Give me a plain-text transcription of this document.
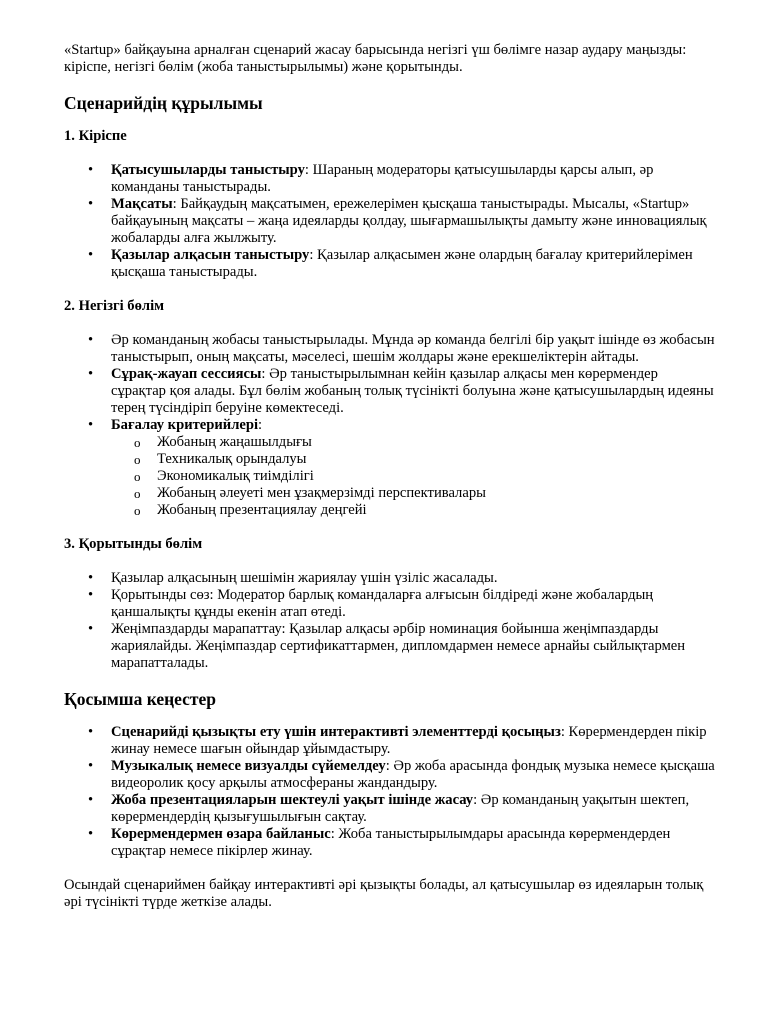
«Startup» байқауына арналған сценарий жасау барысында негізгі үш бөлімге назар аудару маңызды: кіріспе, негізгі бөлім (жоба таныстырылымы) және қорытынды.

Сценарийдің құрылымы
1. Кіріспе
• Қатысушыларды таныстыру: Шараның модераторы қатысушыларды қарсы алып, әр команданы таныстырады.
• Мақсаты: Байқаудың мақсатымен, ережелерімен қысқаша таныстырады. Мысалы, «Startup» байқауының мақсаты – жаңа идеяларды қолдау, шығармашылықты дамыту және инновациялық жобаларды алға жылжыту.
• Қазылар алқасын таныстыру: Қазылар алқасымен және олардың бағалау критерийлерімен қысқаша таныстырады.
2. Негізгі бөлім
• Әр команданың жобасы таныстырылады. Мұнда әр команда белгілі бір уақыт ішінде өз жобасын таныстырып, оның мақсаты, мәселесі, шешім жолдары және ерекшеліктерін айтады.
• Сұрақ-жауап сессиясы: Әр таныстырылымнан кейін қазылар алқасы мен көрермендер сұрақтар қоя алады. Бұл бөлім жобаның толық түсінікті болуына және қатысушылардың идеяны терең түсіндіріп беруіне көмектеседі.
• Бағалау критерийлері:
o Жобаның жаңашылдығы
o Техникалық орындалуы
o Экономикалық тиімділігі
o Жобаның әлеуеті мен ұзақмерзімді перспективалары
o Жобаның презентациялау деңгейі
3. Қорытынды бөлім
• Қазылар алқасының шешімін жариялау үшін үзіліс жасалады.
• Қорытынды сөз: Модератор барлық командаларға алғысын білдіреді және жобалардың қаншалықты құнды екенін атап өтеді.
• Жеңімпаздарды марапаттау: Қазылар алқасы әрбір номинация бойынша жеңімпаздарды жариялайды. Жеңімпаздар сертификаттармен, дипломдармен немесе арнайы сыйлықтармен марапатталады.
Қосымша кеңестер
• Сценарийді қызықты ету үшін интерактивті элементтерді қосыңыз: Көрермендерден пікір жинау немесе шағын ойындар ұйымдастыру.
• Музыкалық немесе визуалды сүйемелдеу: Әр жоба арасында фондық музыка немесе қысқаша видеоролик қосу арқылы атмосфераны жандандыру.
• Жоба презентацияларын шектеулі уақыт ішінде жасау: Әр команданың уақытын шектеп, көрермендердің қызығушылығын сақтау.
• Көрермендермен өзара байланыс: Жоба таныстырылымдары арасында көрермендерден сұрақтар немесе пікірлер жинау.

Осындай сценариймен байқау интерактивті әрі қызықты болады, ал қатысушылар өз идеяларын толық әрі түсінікті түрде жеткізе алады.
